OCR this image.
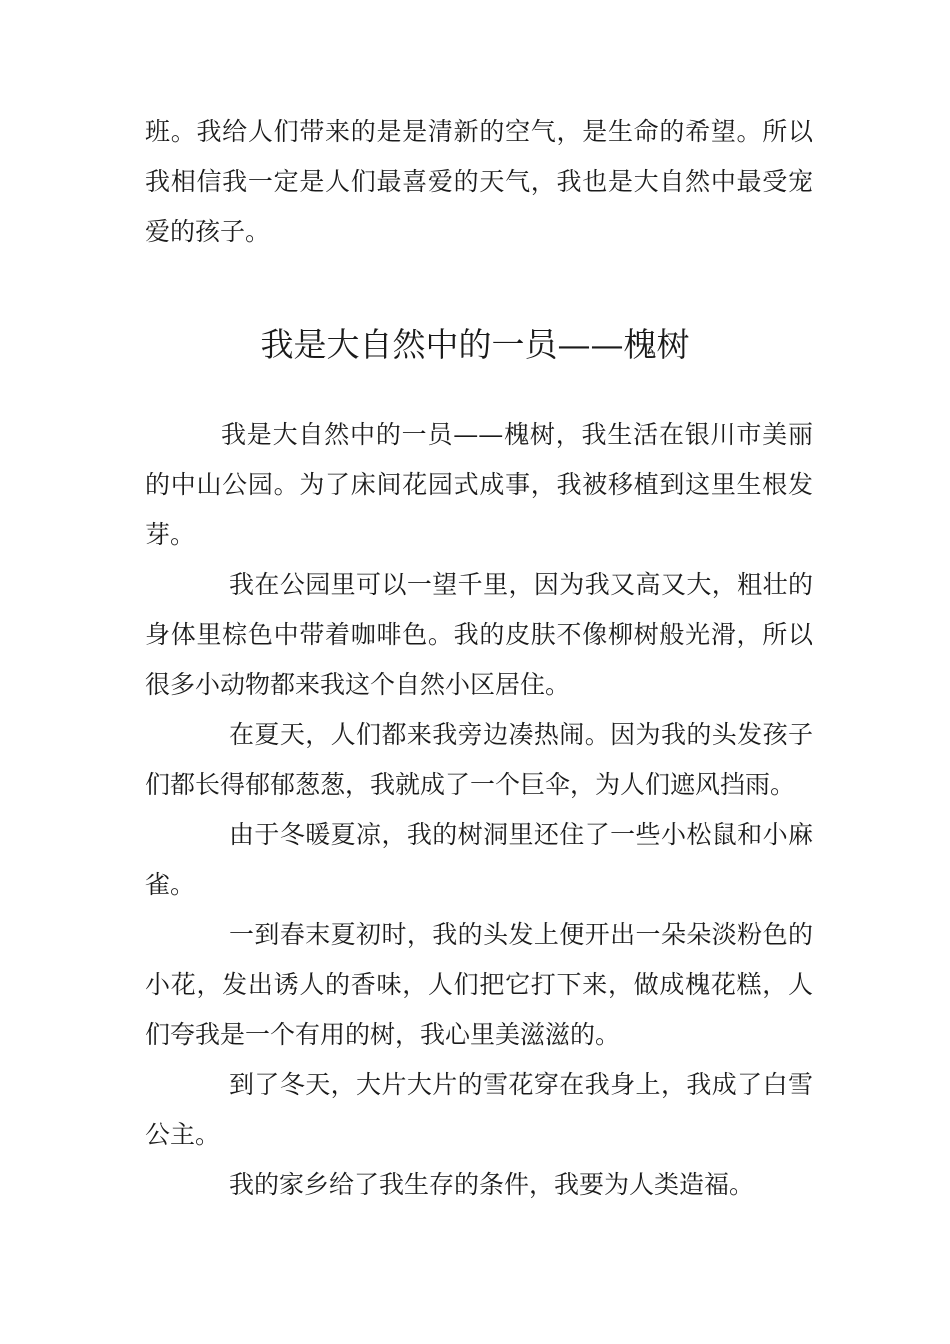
班。我给人们带来的是是清新的空气，是生命的希望。所以我相信我一定是人们最喜爱的天气，我也是大自然中最受宠爱的孩子。
我是大自然中的一员——槐树

我是大自然中的一员——槐树，我生活在银川市美丽的中山公园。为了床间花园式成事，我被移植到这里生根发芽。

我在公园里可以一望千里，因为我又高又大，粗壮的身体里棕色中带着咖啡色。我的皮肤不像柳树般光滑，所以很多小动物都来我这个自然小区居住。

在夏天，人们都来我旁边凑热闹。因为我的头发孩子们都长得郁郁葱葱，我就成了一个巨伞，为人们遮风挡雨。

由于冬暖夏凉，我的树洞里还住了一些小松鼠和小麻雀。

一到春末夏初时，我的头发上便开出一朵朵淡粉色的小花，发出诱人的香味，人们把它打下来，做成槐花糕，人们夸我是一个有用的树，我心里美滋滋的。

到了冬天，大片大片的雪花穿在我身上，我成了白雪公主。

我的家乡给了我生存的条件，我要为人类造福。
